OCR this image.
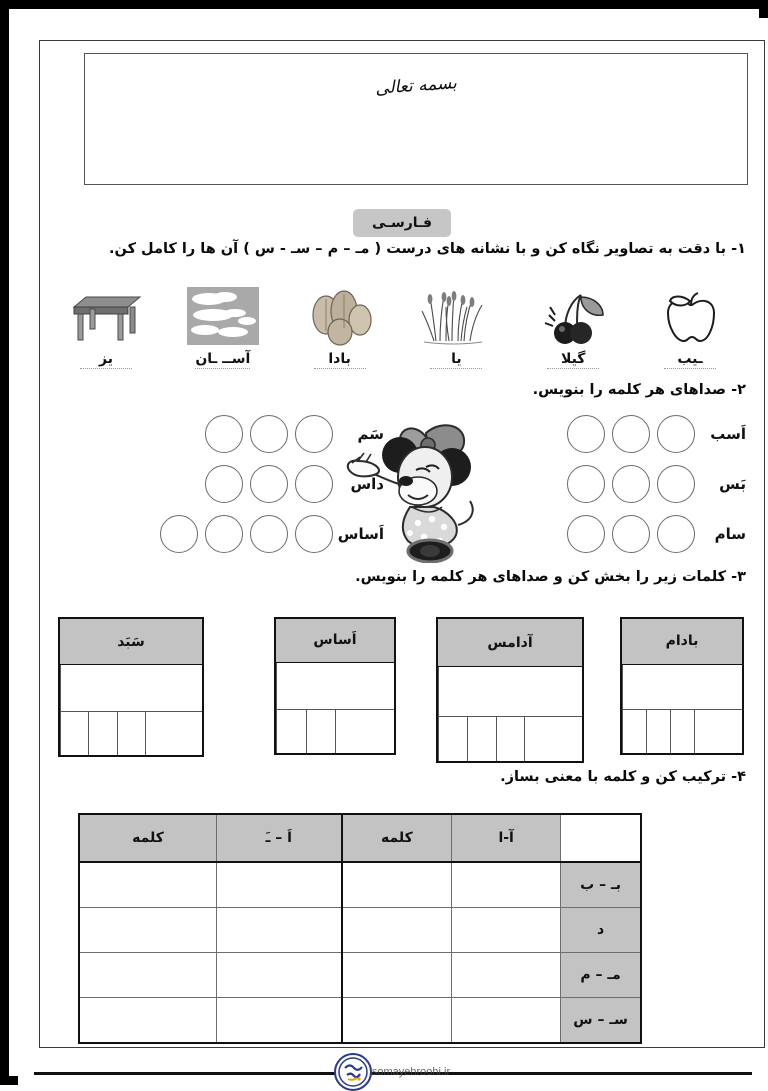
بسمه تعالی
فـارسـی
۱- با دقت به تصاویر نگاه کن و با نشانه های درست ( مـ – م – سـ - س ) آن ها را کامل کن.
یز	آســ ـان	بادا	یا	گیلا	ـیب
۲- صداهای هر کلمه را بنویس.
اَسب
بَس
سام
سَم
داس
اَساس
۳- کلمات زیر را بخش کن و صداهای هر کلمه را بنویس.
بادام
آدامس
اَساس
سَبَد
۴- ترکیب کن و کلمه با معنی بساز.
	آ-ا	کلمه	اَ – ـَ	کلمه
بـ – ب				
د				
مـ – م				
سـ – س				
somayehroohi.ir
